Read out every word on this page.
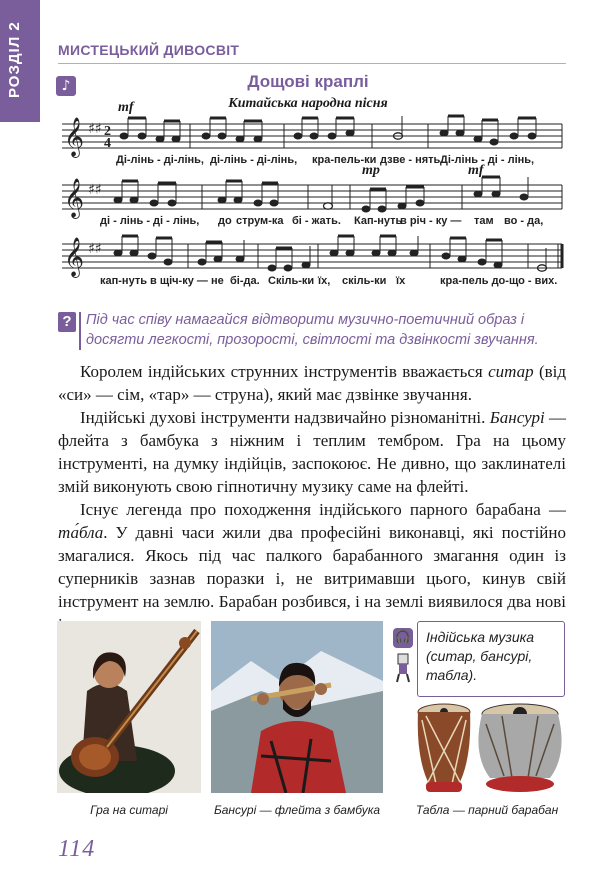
РОЗДІЛ 2	МИСТЕЦЬКИЙ ДИВОСВІТ
♪	Дощові краплі
Китайська народна пісня
𝄞 ♯♯ 2
4
𝄞 ♯♯
𝄞 ♯♯
mf
mp	mf
Ді-лінь - ді-лінь, ді-лінь - ді-лінь, кра-пель-ки дзве - нять.
Ді-лінь - ді - лінь,
ді - лінь - ді - лінь, до струм-ка бі - жать. Кап-нуть
в річ - ку — там во - да,
кап-нуть в щіч-ку — не бі-да. Скіль-ки їх, скіль-ки їх	кра-пель до-що - вих.
? Під час співу намагайся відтворити музично-поетичний образ і досягти легкості, прозорості, світлості та дзвінкості звучання.

Королем індійських струнних інструментів вважається ситар (від «си» — сім, «тар» — струна), який має дзвінке звучання.

Індійські духові інструменти надзвичайно різноманітні. Бансурі — флейта з бамбука з ніжним і теплим тембром. Гра на цьому інструменті, на думку індійців, заспокоює. Не дивно, що заклинателі змій виконують свою гіпнотичну музику саме на флейті.

Існує легенда про походження індійського парного барабана — та́бла. У давні часи жили два професійні виконавці, які постійно змагалися. Якось під час палкого барабанного змагання один із суперників зазнав поразки і, не витримавши цього, кинув свій інструмент на землю. Барабан розбився, і на землі виявилося два нові

🎧	Індійська музика (ситар, бансурі, табла).
Гра на ситарі	Бансурі — флейта з бамбука	Табла — парний барабан
114
